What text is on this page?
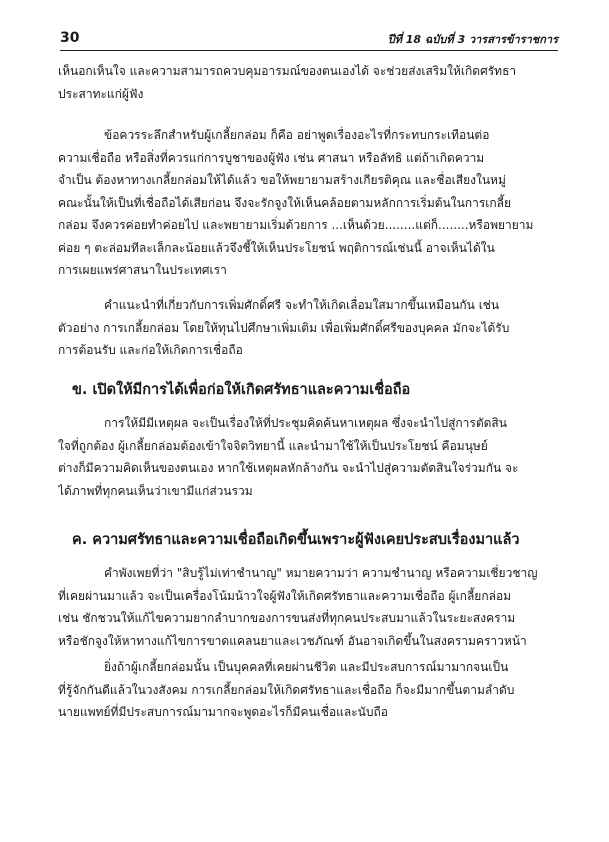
30	ปีที่ 18 ฉบับที่ 3 วารสารข้าราชการ

เห็นอกเห็นใจ และความสามารถควบคุมอารมณ์ของตนเองได้ จะช่วยส่งเสริมให้เกิดศรัทธา
ประสาทะแก่ผู้ฟัง

ข้อควรระลึกสำหรับผู้เกลี้ยกล่อม ก็คือ อย่าพูดเรื่องอะไรที่กระทบกระเทือนต่อ
ความเชื่อถือ หรือสิ่งที่ควรแก่การบูชาของผู้ฟัง เช่น ศาสนา หรือลัทธิ แต่ถ้าเกิดความ
จำเป็น ต้องหาทางเกลี้ยกล่อมให้ได้แล้ว ขอให้พยายามสร้างเกียรติคุณ และชื่อเสียงในหมู่
คณะนั้นให้เป็นที่เชื่อถือได้เสียก่อน จึงจะรักจูงให้เห็นคล้อยตามหลักการเริ่มต้นในการเกลี้ย
กล่อม จึงควรค่อยทำค่อยไป และพยายามเริ่มด้วยการ ...เห็นด้วย........แต่ก็........หรือพยายาม
ค่อย ๆ ตะล่อมทีละเล็กละน้อยแล้วจึงชี้ให้เห็นประโยชน์ พฤติการณ์เช่นนี้ อาจเห็นได้ใน
การเผยแพร่ศาสนาในประเทศเรา

คำแนะนำที่เกี่ยวกับการเพิ่มศักดิ์ศรี จะทำให้เกิดเลื่อมใสมากขึ้นเหมือนกัน เช่น
ตัวอย่าง การเกลี้ยกล่อม โดยให้ทุนไปศึกษาเพิ่มเติม เพื่อเพิ่มศักดิ์ศรีของบุคคล มักจะได้รับ
การต้อนรับ และก่อให้เกิดการเชื่อถือ

ข. เปิดให้มีการได้เพื่อก่อให้เกิดศรัทธาและความเชื่อถือ

การให้มีมีเหตุผล จะเป็นเรื่องให้ที่ประชุมคิดค้นหาเหตุผล ซึ่งจะนำไปสู่การตัดสิน
ใจที่ถูกต้อง ผู้เกลี้ยกล่อมต้องเข้าใจจิตวิทยานี้ และนำมาใช้ให้เป็นประโยชน์ คือมนุษย์
ต่างก็มีความคิดเห็นของตนเอง หากใช้เหตุผลหักล้างกัน จะนำไปสู่ความตัดสินใจร่วมกัน จะ
ได้ภาพที่ทุกคนเห็นว่าเขามีแก่ส่วนรวม

ค. ความศรัทธาและความเชื่อถือเกิดขึ้นเพราะผู้ฟังเคยประสบเรื่องมาแล้ว

คำพังเพยที่ว่า "สิบรู้ไม่เท่าชำนาญ" หมายความว่า ความชำนาญ หรือความเชี่ยวชาญ
ที่เคยผ่านมาแล้ว จะเป็นเครื่องโน้มน้าวใจผู้ฟังให้เกิดศรัทธาและความเชื่อถือ ผู้เกลี้ยกล่อม
เช่น ชักชวนให้แก้ไขความยากลำบากของการขนส่งที่ทุกคนประสบมาแล้วในระยะสงคราม
หรือชักจูงให้หาทางแก้ไขการขาดแคลนยาและเวชภัณฑ์ อันอาจเกิดขึ้นในสงครามคราวหน้า

ยิ่งถ้าผู้เกลี้ยกล่อมนั้น เป็นบุคคลที่เคยผ่านชีวิต และมีประสบการณ์มามากจนเป็น
ที่รู้จักกันดีแล้วในวงสังคม การเกลี้ยกล่อมให้เกิดศรัทธาและเชื่อถือ ก็จะมีมากขึ้นตามลำดับ
นายแพทย์ที่มีประสบการณ์มามากจะพูดอะไรก็มีคนเชื่อและนับถือ
